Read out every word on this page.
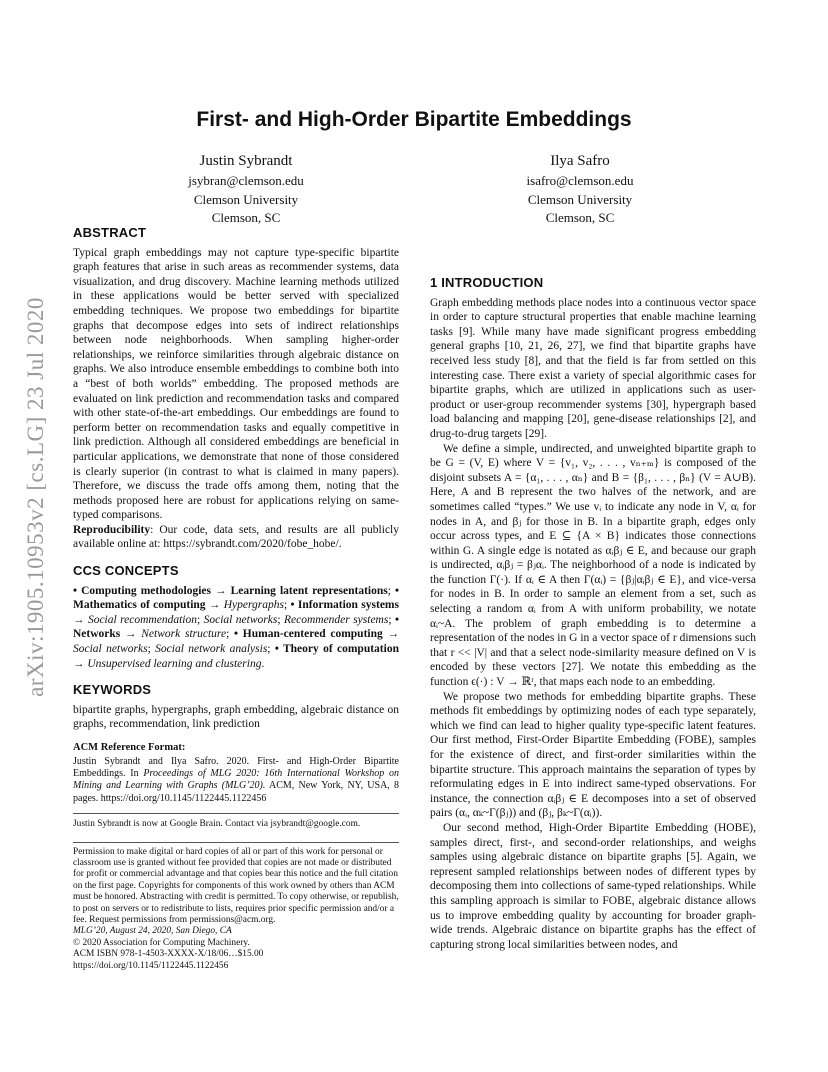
arXiv:1905.10953v2 [cs.LG] 23 Jul 2020
First- and High-Order Bipartite Embeddings
Justin Sybrandt
jsybran@clemson.edu
Clemson University
Clemson, SC
Ilya Safro
isafro@clemson.edu
Clemson University
Clemson, SC
ABSTRACT

Typical graph embeddings may not capture type-specific bipartite graph features that arise in such areas as recommender systems, data visualization, and drug discovery. Machine learning methods utilized in these applications would be better served with specialized embedding techniques. We propose two embeddings for bipartite graphs that decompose edges into sets of indirect relationships between node neighborhoods. When sampling higher-order relationships, we reinforce similarities through algebraic distance on graphs. We also introduce ensemble embeddings to combine both into a “best of both worlds” embedding. The proposed methods are evaluated on link prediction and recommendation tasks and compared with other state-of-the-art embeddings. Our embeddings are found to perform better on recommendation tasks and equally competitive in link prediction. Although all considered embeddings are beneficial in particular applications, we demonstrate that none of those considered is clearly superior (in contrast to what is claimed in many papers). Therefore, we discuss the trade offs among them, noting that the methods proposed here are robust for applications relying on same-typed comparisons.

Reproducibility: Our code, data sets, and results are all publicly available online at: https://sybrandt.com/2020/fobe_hobe/.

CCS CONCEPTS

• Computing methodologies → Learning latent representations; • Mathematics of computing → Hypergraphs; • Information systems → Social recommendation; Social networks; Recommender systems; • Networks → Network structure; • Human-centered computing → Social networks; Social network analysis; • Theory of computation → Unsupervised learning and clustering.

KEYWORDS

bipartite graphs, hypergraphs, graph embedding, algebraic distance on graphs, recommendation, link prediction

ACM Reference Format:

Justin Sybrandt and Ilya Safro. 2020. First- and High-Order Bipartite Embeddings. In Proceedings of MLG 2020: 16th International Workshop on Mining and Learning with Graphs (MLG’20). ACM, New York, NY, USA, 8 pages. https://doi.org/10.1145/1122445.1122456

Justin Sybrandt is now at Google Brain. Contact via jsybrandt@google.com.

Permission to make digital or hard copies of all or part of this work for personal or classroom use is granted without fee provided that copies are not made or distributed for profit or commercial advantage and that copies bear this notice and the full citation on the first page. Copyrights for components of this work owned by others than ACM must be honored. Abstracting with credit is permitted. To copy otherwise, or republish, to post on servers or to redistribute to lists, requires prior specific permission and/or a fee. Request permissions from permissions@acm.org.

MLG’20, August 24, 2020, San Diego, CA

© 2020 Association for Computing Machinery.

ACM ISBN 978-1-4503-XXXX-X/18/06…$15.00

https://doi.org/10.1145/1122445.1122456

1 INTRODUCTION

Graph embedding methods place nodes into a continuous vector space in order to capture structural properties that enable machine learning tasks [9]. While many have made significant progress embedding general graphs [10, 21, 26, 27], we find that bipartite graphs have received less study [8], and that the field is far from settled on this interesting case. There exist a variety of special algorithmic cases for bipartite graphs, which are utilized in applications such as user-product or user-group recommender systems [30], hypergraph based load balancing and mapping [20], gene-disease relationships [2], and drug-to-drug targets [29].

We define a simple, undirected, and unweighted bipartite graph to be G = (V, E) where V = {v₁, v₂, . . . , vₙ₊ₘ} is composed of the disjoint subsets A = {α₁, . . . , αₙ} and B = {β₁, . . . , βₙ} (V = A∪B). Here, A and B represent the two halves of the network, and are sometimes called “types.” We use vᵢ to indicate any node in V, αᵢ for nodes in A, and βⱼ for those in B. In a bipartite graph, edges only occur across types, and E ⊆ {A × B} indicates those connections within G. A single edge is notated as αᵢβⱼ ∈ E, and because our graph is undirected, αᵢβⱼ = βⱼαᵢ. The neighborhood of a node is indicated by the function Γ(·). If αᵢ ∈ A then Γ(αᵢ) = {βⱼ|αᵢβⱼ ∈ E}, and vice-versa for nodes in B. In order to sample an element from a set, such as selecting a random αᵢ from A with uniform probability, we notate αᵢ~A. The problem of graph embedding is to determine a representation of the nodes in G in a vector space of r dimensions such that r << |V| and that a select node-similarity measure defined on V is encoded by these vectors [27]. We notate this embedding as the function ϵ(·) : V → ℝʳ, that maps each node to an embedding.

We propose two methods for embedding bipartite graphs. These methods fit embeddings by optimizing nodes of each type separately, which we find can lead to higher quality type-specific latent features. Our first method, First-Order Bipartite Embedding (FOBE), samples for the existence of direct, and first-order similarities within the bipartite structure. This approach maintains the separation of types by reformulating edges in E into indirect same-typed observations. For instance, the connection αᵢβⱼ ∈ E decomposes into a set of observed pairs (αᵢ, αₖ~Γ(βⱼ)) and (βⱼ, βₖ~Γ(αᵢ)).

Our second method, High-Order Bipartite Embedding (HOBE), samples direct, first-, and second-order relationships, and weighs samples using algebraic distance on bipartite graphs [5]. Again, we represent sampled relationships between nodes of different types by decomposing them into collections of same-typed relationships. While this sampling approach is similar to FOBE, algebraic distance allows us to improve embedding quality by accounting for broader graph-wide trends. Algebraic distance on bipartite graphs has the effect of capturing strong local similarities between nodes, and
